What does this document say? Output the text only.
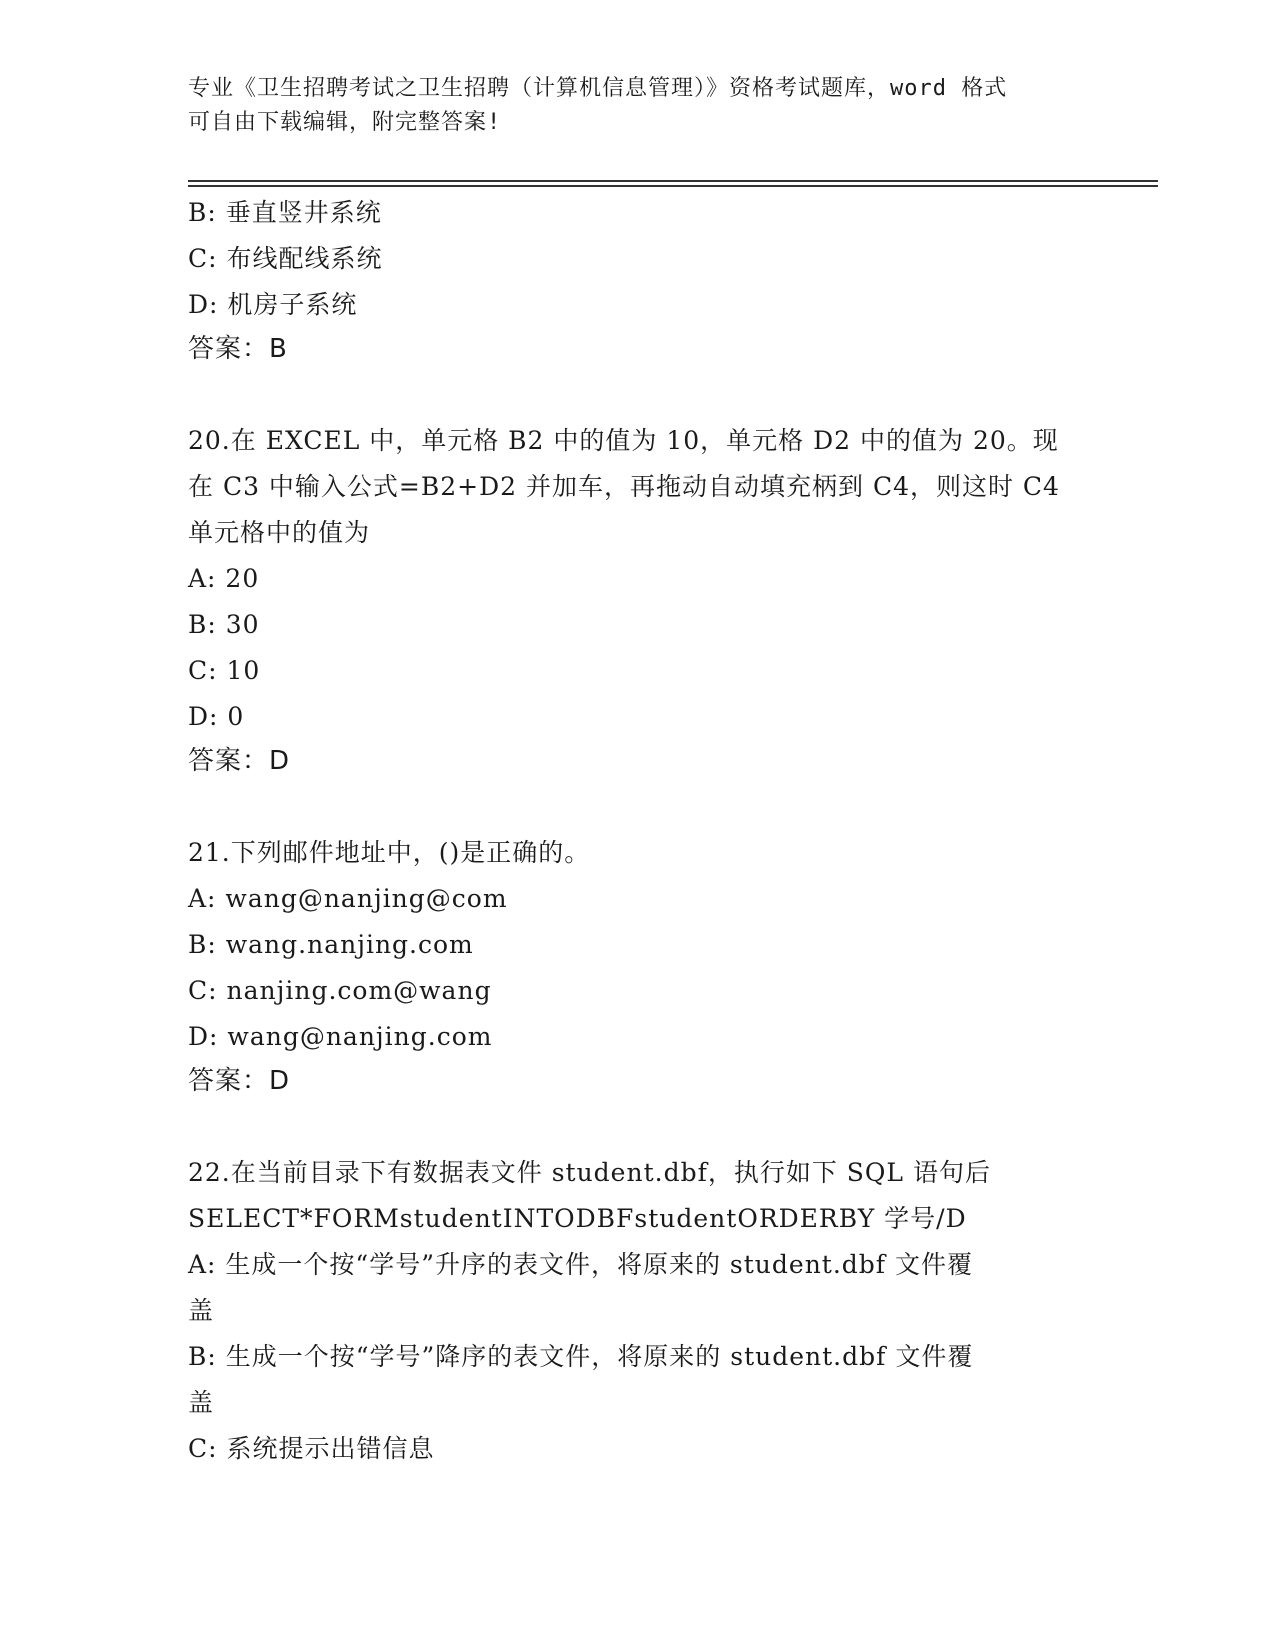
专业《卫生招聘考试之卫生招聘（计算机信息管理）》资格考试题库，word 格式
可自由下载编辑，附完整答案!
B: 垂直竖井系统
C: 布线配线系统
D: 机房子系统
答案：B
20.在 EXCEL 中，单元格 B2 中的值为 10，单元格 D2 中的值为 20。现
在 C3 中输入公式=B2+D2 并加车，再拖动自动填充柄到 C4，则这时 C4
单元格中的值为
A: 20
B: 30
C: 10
D: 0
答案：D
21.下列邮件地址中，()是正确的。
A: wang@nanjing@com
B: wang.nanjing.com
C: nanjing.com@wang
D: wang@nanjing.com
答案：D
22.在当前目录下有数据表文件 student.dbf，执行如下 SQL 语句后
SELECT*FORMstudentINTODBFstudentORDERBY 学号/D
A: 生成一个按“学号”升序的表文件，将原来的 student.dbf 文件覆
盖
B: 生成一个按“学号”降序的表文件，将原来的 student.dbf 文件覆
盖
C: 系统提示出错信息
